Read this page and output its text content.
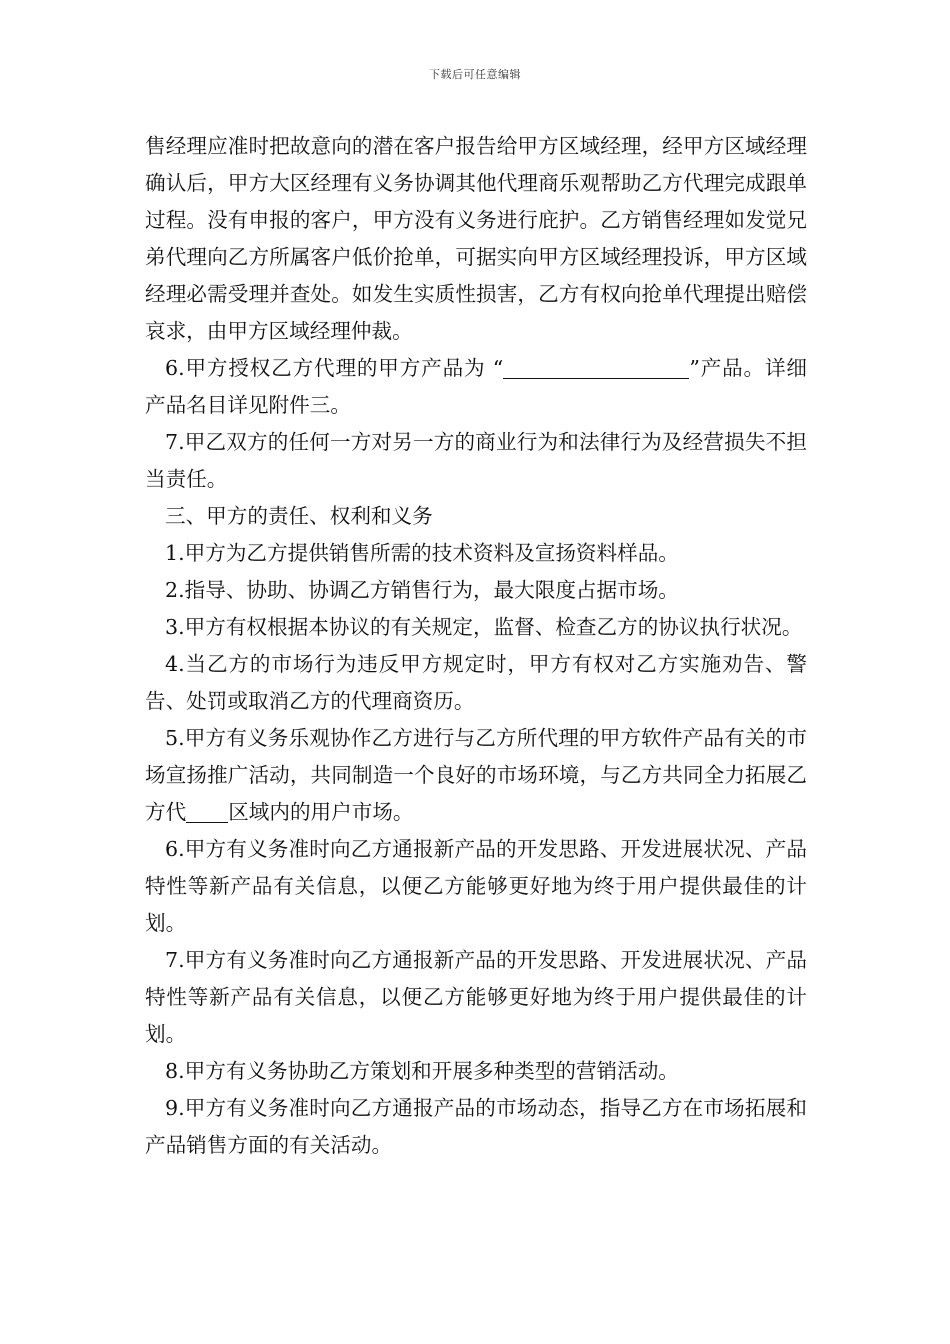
下载后可任意编辑

售经理应准时把故意向的潜在客户报告给甲方区域经理，经甲方区域经理确认后，甲方大区经理有义务协调其他代理商乐观帮助乙方代理完成跟单过程。没有申报的客户，甲方没有义务进行庇护。乙方销售经理如发觉兄弟代理向乙方所属客户低价抢单，可据实向甲方区域经理投诉，甲方区域经理必需受理并查处。如发生实质性损害，乙方有权向抢单代理提出赔偿哀求，由甲方区域经理仲裁。

6.甲方授权乙方代理的甲方产品为 “	”产品。详细产品名目详见附件三。

7.甲乙双方的任何一方对另一方的商业行为和法律行为及经营损失不担当责任。

三、甲方的责任、权利和义务

1.甲方为乙方提供销售所需的技术资料及宣扬资料样品。

2.指导、协助、协调乙方销售行为，最大限度占据市场。

3.甲方有权根据本协议的有关规定，监督、检查乙方的协议执行状况。

4.当乙方的市场行为违反甲方规定时，甲方有权对乙方实施劝告、警告、处罚或取消乙方的代理商资历。

5.甲方有义务乐观协作乙方进行与乙方所代理的甲方软件产品有关的市场宣扬推广活动，共同制造一个良好的市场环境，与乙方共同全力拓展乙方代 区域内的用户市场。

6.甲方有义务准时向乙方通报新产品的开发思路、开发进展状况、产品特性等新产品有关信息，以便乙方能够更好地为终于用户提供最佳的计划。

7.甲方有义务准时向乙方通报新产品的开发思路、开发进展状况、产品特性等新产品有关信息，以便乙方能够更好地为终于用户提供最佳的计划。

8.甲方有义务协助乙方策划和开展多种类型的营销活动。

9.甲方有义务准时向乙方通报产品的市场动态，指导乙方在市场拓展和产品销售方面的有关活动。
